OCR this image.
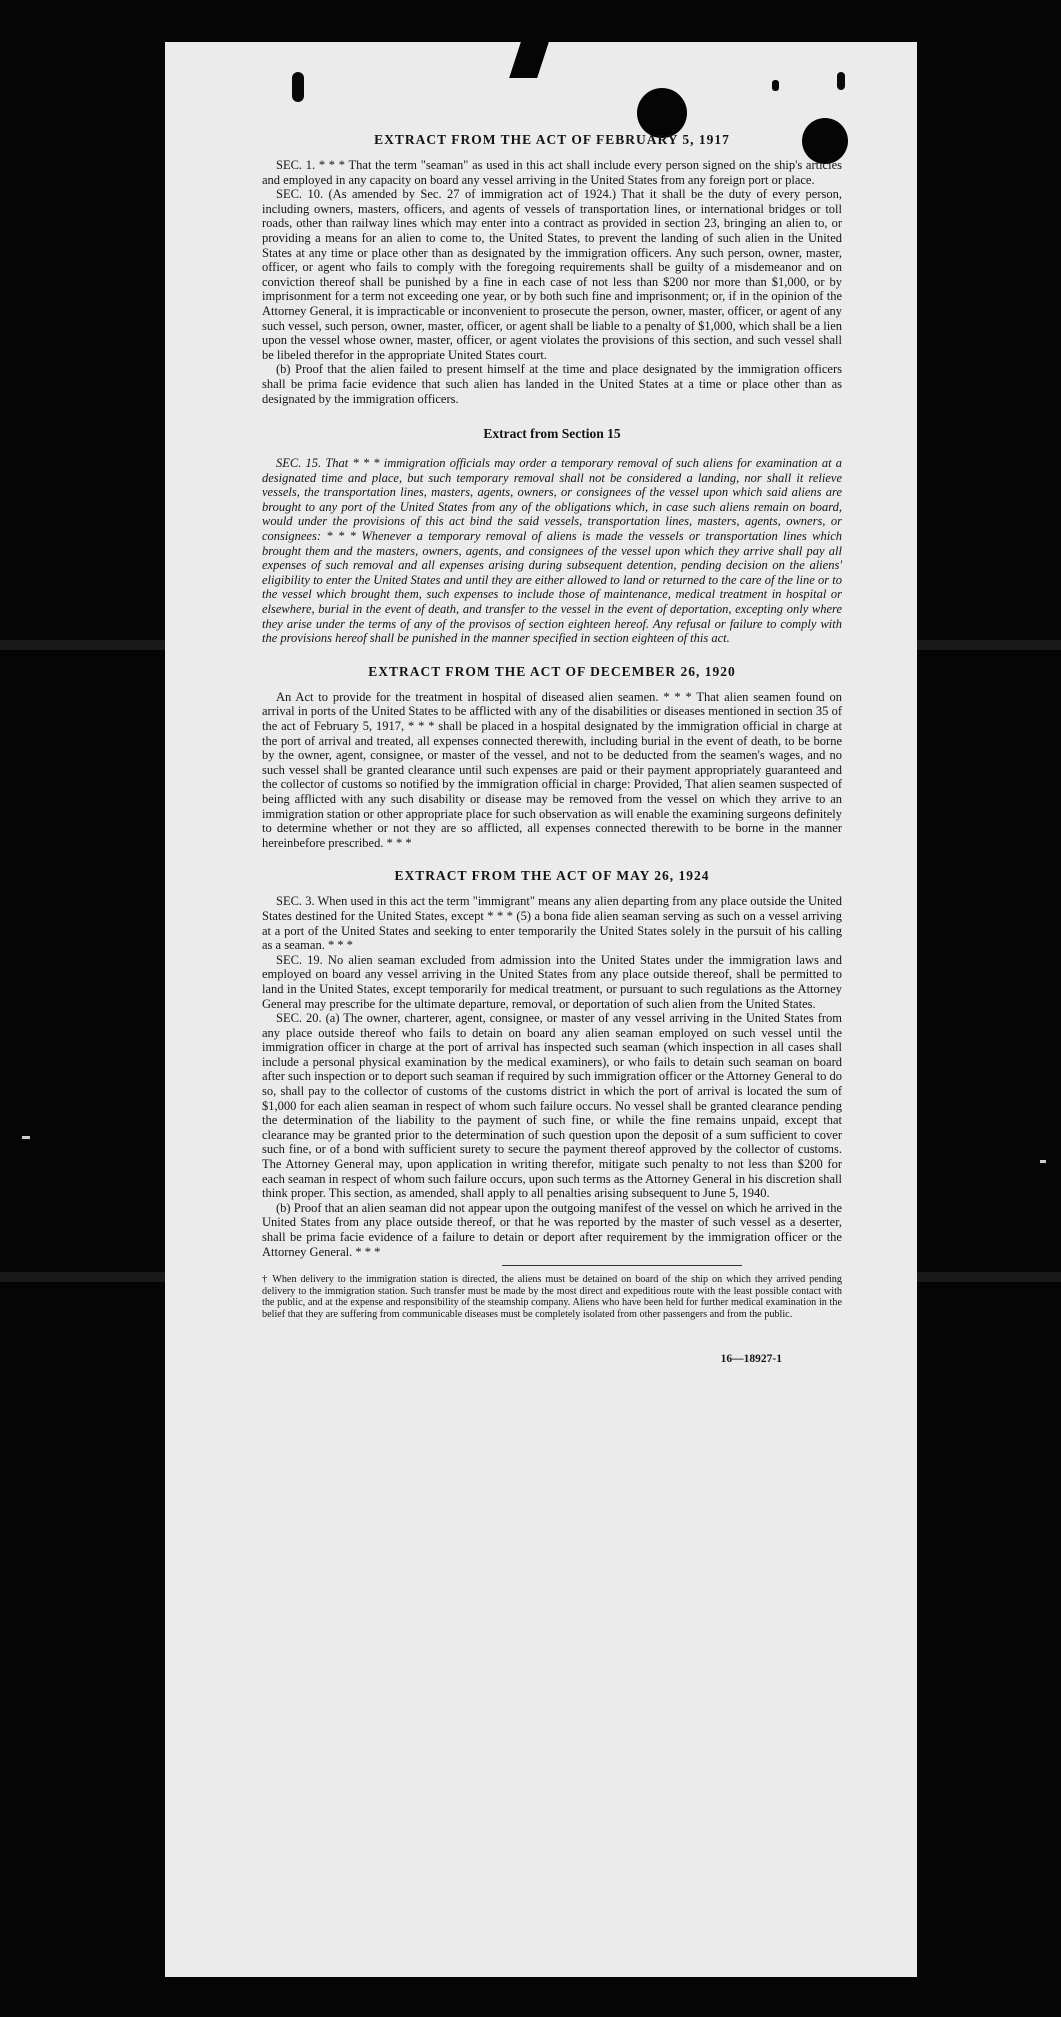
EXTRACT FROM THE ACT OF FEBRUARY 5, 1917

SEC. 1. * * * That the term "seaman" as used in this act shall include every person signed on the ship's articles and employed in any capacity on board any vessel arriving in the United States from any foreign port or place.

SEC. 10. (As amended by Sec. 27 of immigration act of 1924.) That it shall be the duty of every person, including owners, masters, officers, and agents of vessels of transportation lines, or international bridges or toll roads, other than railway lines which may enter into a contract as provided in section 23, bringing an alien to, or providing a means for an alien to come to, the United States, to prevent the landing of such alien in the United States at any time or place other than as designated by the immigration officers. Any such person, owner, master, officer, or agent who fails to comply with the foregoing requirements shall be guilty of a misdemeanor and on conviction thereof shall be punished by a fine in each case of not less than $200 nor more than $1,000, or by imprisonment for a term not exceeding one year, or by both such fine and imprisonment; or, if in the opinion of the Attorney General, it is impracticable or inconvenient to prosecute the person, owner, master, officer, or agent of any such vessel, such person, owner, master, officer, or agent shall be liable to a penalty of $1,000, which shall be a lien upon the vessel whose owner, master, officer, or agent violates the provisions of this section, and such vessel shall be libeled therefor in the appropriate United States court.

(b) Proof that the alien failed to present himself at the time and place designated by the immigration officers shall be prima facie evidence that such alien has landed in the United States at a time or place other than as designated by the immigration officers.

Extract from Section 15

SEC. 15. That * * * immigration officials may order a temporary removal of such aliens for examination at a designated time and place, but such temporary removal shall not be considered a landing, nor shall it relieve vessels, the transportation lines, masters, agents, owners, or consignees of the vessel upon which said aliens are brought to any port of the United States from any of the obligations which, in case such aliens remain on board, would under the provisions of this act bind the said vessels, transportation lines, masters, agents, owners, or consignees: * * * Whenever a temporary removal of aliens is made the vessels or transportation lines which brought them and the masters, owners, agents, and consignees of the vessel upon which they arrive shall pay all expenses of such removal and all expenses arising during subsequent detention, pending decision on the aliens' eligibility to enter the United States and until they are either allowed to land or returned to the care of the line or to the vessel which brought them, such expenses to include those of maintenance, medical treatment in hospital or elsewhere, burial in the event of death, and transfer to the vessel in the event of deportation, excepting only where they arise under the terms of any of the provisos of section eighteen hereof. Any refusal or failure to comply with the provisions hereof shall be punished in the manner specified in section eighteen of this act.

EXTRACT FROM THE ACT OF DECEMBER 26, 1920

An Act to provide for the treatment in hospital of diseased alien seamen. * * * That alien seamen found on arrival in ports of the United States to be afflicted with any of the disabilities or diseases mentioned in section 35 of the act of February 5, 1917, * * * shall be placed in a hospital designated by the immigration official in charge at the port of arrival and treated, all expenses connected therewith, including burial in the event of death, to be borne by the owner, agent, consignee, or master of the vessel, and not to be deducted from the seamen's wages, and no such vessel shall be granted clearance until such expenses are paid or their payment appropriately guaranteed and the collector of customs so notified by the immigration official in charge: Provided, That alien seamen suspected of being afflicted with any such disability or disease may be removed from the vessel on which they arrive to an immigration station or other appropriate place for such observation as will enable the examining surgeons definitely to determine whether or not they are so afflicted, all expenses connected therewith to be borne in the manner hereinbefore prescribed. * * *

EXTRACT FROM THE ACT OF MAY 26, 1924

SEC. 3. When used in this act the term "immigrant" means any alien departing from any place outside the United States destined for the United States, except * * * (5) a bona fide alien seaman serving as such on a vessel arriving at a port of the United States and seeking to enter temporarily the United States solely in the pursuit of his calling as a seaman. * * *

SEC. 19. No alien seaman excluded from admission into the United States under the immigration laws and employed on board any vessel arriving in the United States from any place outside thereof, shall be permitted to land in the United States, except temporarily for medical treatment, or pursuant to such regulations as the Attorney General may prescribe for the ultimate departure, removal, or deportation of such alien from the United States.

SEC. 20. (a) The owner, charterer, agent, consignee, or master of any vessel arriving in the United States from any place outside thereof who fails to detain on board any alien seaman employed on such vessel until the immigration officer in charge at the port of arrival has inspected such seaman (which inspection in all cases shall include a personal physical examination by the medical examiners), or who fails to detain such seaman on board after such inspection or to deport such seaman if required by such immigration officer or the Attorney General to do so, shall pay to the collector of customs of the customs district in which the port of arrival is located the sum of $1,000 for each alien seaman in respect of whom such failure occurs. No vessel shall be granted clearance pending the determination of the liability to the payment of such fine, or while the fine remains unpaid, except that clearance may be granted prior to the determination of such question upon the deposit of a sum sufficient to cover such fine, or of a bond with sufficient surety to secure the payment thereof approved by the collector of customs. The Attorney General may, upon application in writing therefor, mitigate such penalty to not less than $200 for each seaman in respect of whom such failure occurs, upon such terms as the Attorney General in his discretion shall think proper. This section, as amended, shall apply to all penalties arising subsequent to June 5, 1940.

(b) Proof that an alien seaman did not appear upon the outgoing manifest of the vessel on which he arrived in the United States from any place outside thereof, or that he was reported by the master of such vessel as a deserter, shall be prima facie evidence of a failure to detain or deport after requirement by the immigration officer or the Attorney General. * * *

† When delivery to the immigration station is directed, the aliens must be detained on board of the ship on which they arrived pending delivery to the immigration station. Such transfer must be made by the most direct and expeditious route with the least possible contact with the public, and at the expense and responsibility of the steamship company. Aliens who have been held for further medical examination in the belief that they are suffering from communicable diseases must be completely isolated from other passengers and from the public.

16—18927-1
